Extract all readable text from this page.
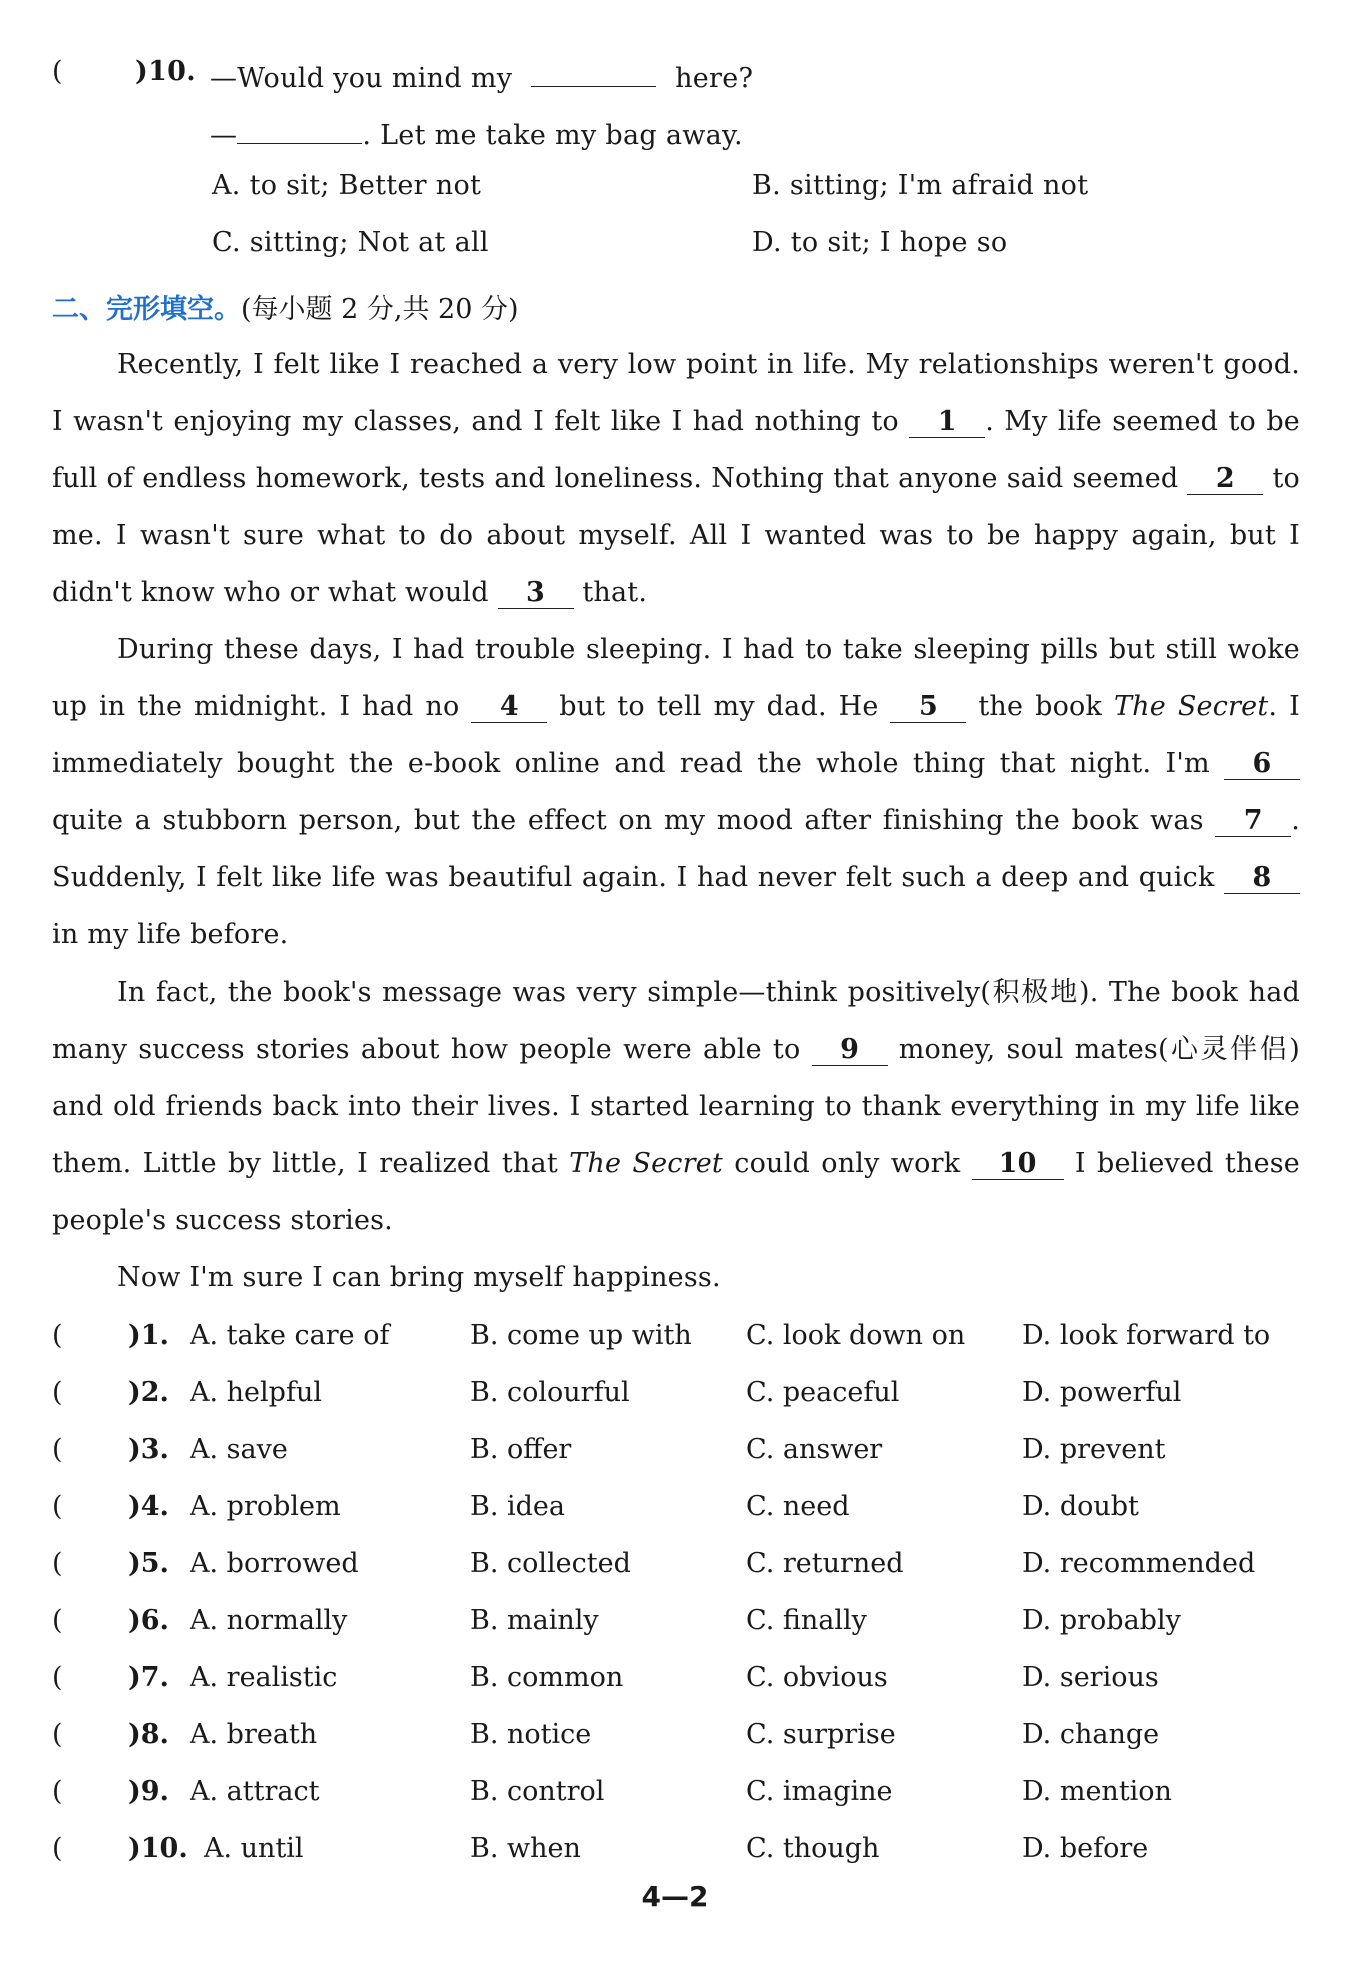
(	)10. —Would you mind my	here?
—	. Let me take my bag away.
A. to sit; Better not	B. sitting; I'm afraid not
C. sitting; Not at all	D. to sit; I hope so
二、完形填空。(每小题 2 分,共 20 分)
Recently, I felt like I reached a very low point in life. My relationships weren't good. I wasn't enjoying my classes, and I felt like I had nothing to 1 . My life seemed to be full of endless homework, tests and loneliness. Nothing that anyone said seemed 2 to me. I wasn't sure what to do about myself. All I wanted was to be happy again, but I didn't know who or what would 3 that.
During these days, I had trouble sleeping. I had to take sleeping pills but still woke up in the midnight. I had no 4 but to tell my dad. He 5 the book The Secret. I immediately bought the e-book online and read the whole thing that night. I'm 6 quite a stubborn person, but the effect on my mood after finishing the book was 7 . Suddenly, I felt like life was beautiful again. I had never felt such a deep and quick 8 in my life before.
In fact, the book's message was very simple—think positively(积极地). The book had many success stories about how people were able to 9 money, soul mates(心灵伴侣) and old friends back into their lives. I started learning to thank everything in my life like them. Little by little, I realized that The Secret could only work 10 I believed these people's success stories.
Now I'm sure I can bring myself happiness.
( )1. A. take care of	B. come up with C. look down on D. look forward to
( )2. A. helpful	B. colourful	C. peaceful	D. powerful
( )3. A. save	B. offer	C. answer	D. prevent
( )4. A. problem	B. idea	C. need	D. doubt
( )5. A. borrowed	B. collected	C. returned	D. recommended
( )6. A. normally	B. mainly	C. finally	D. probably
( )7. A. realistic	B. common	C. obvious	D. serious
( )8. A. breath	B. notice	C. surprise	D. change
( )9. A. attract	B. control	C. imagine	D. mention
( )10. A. until	B. when	C. though	D. before
4—2
